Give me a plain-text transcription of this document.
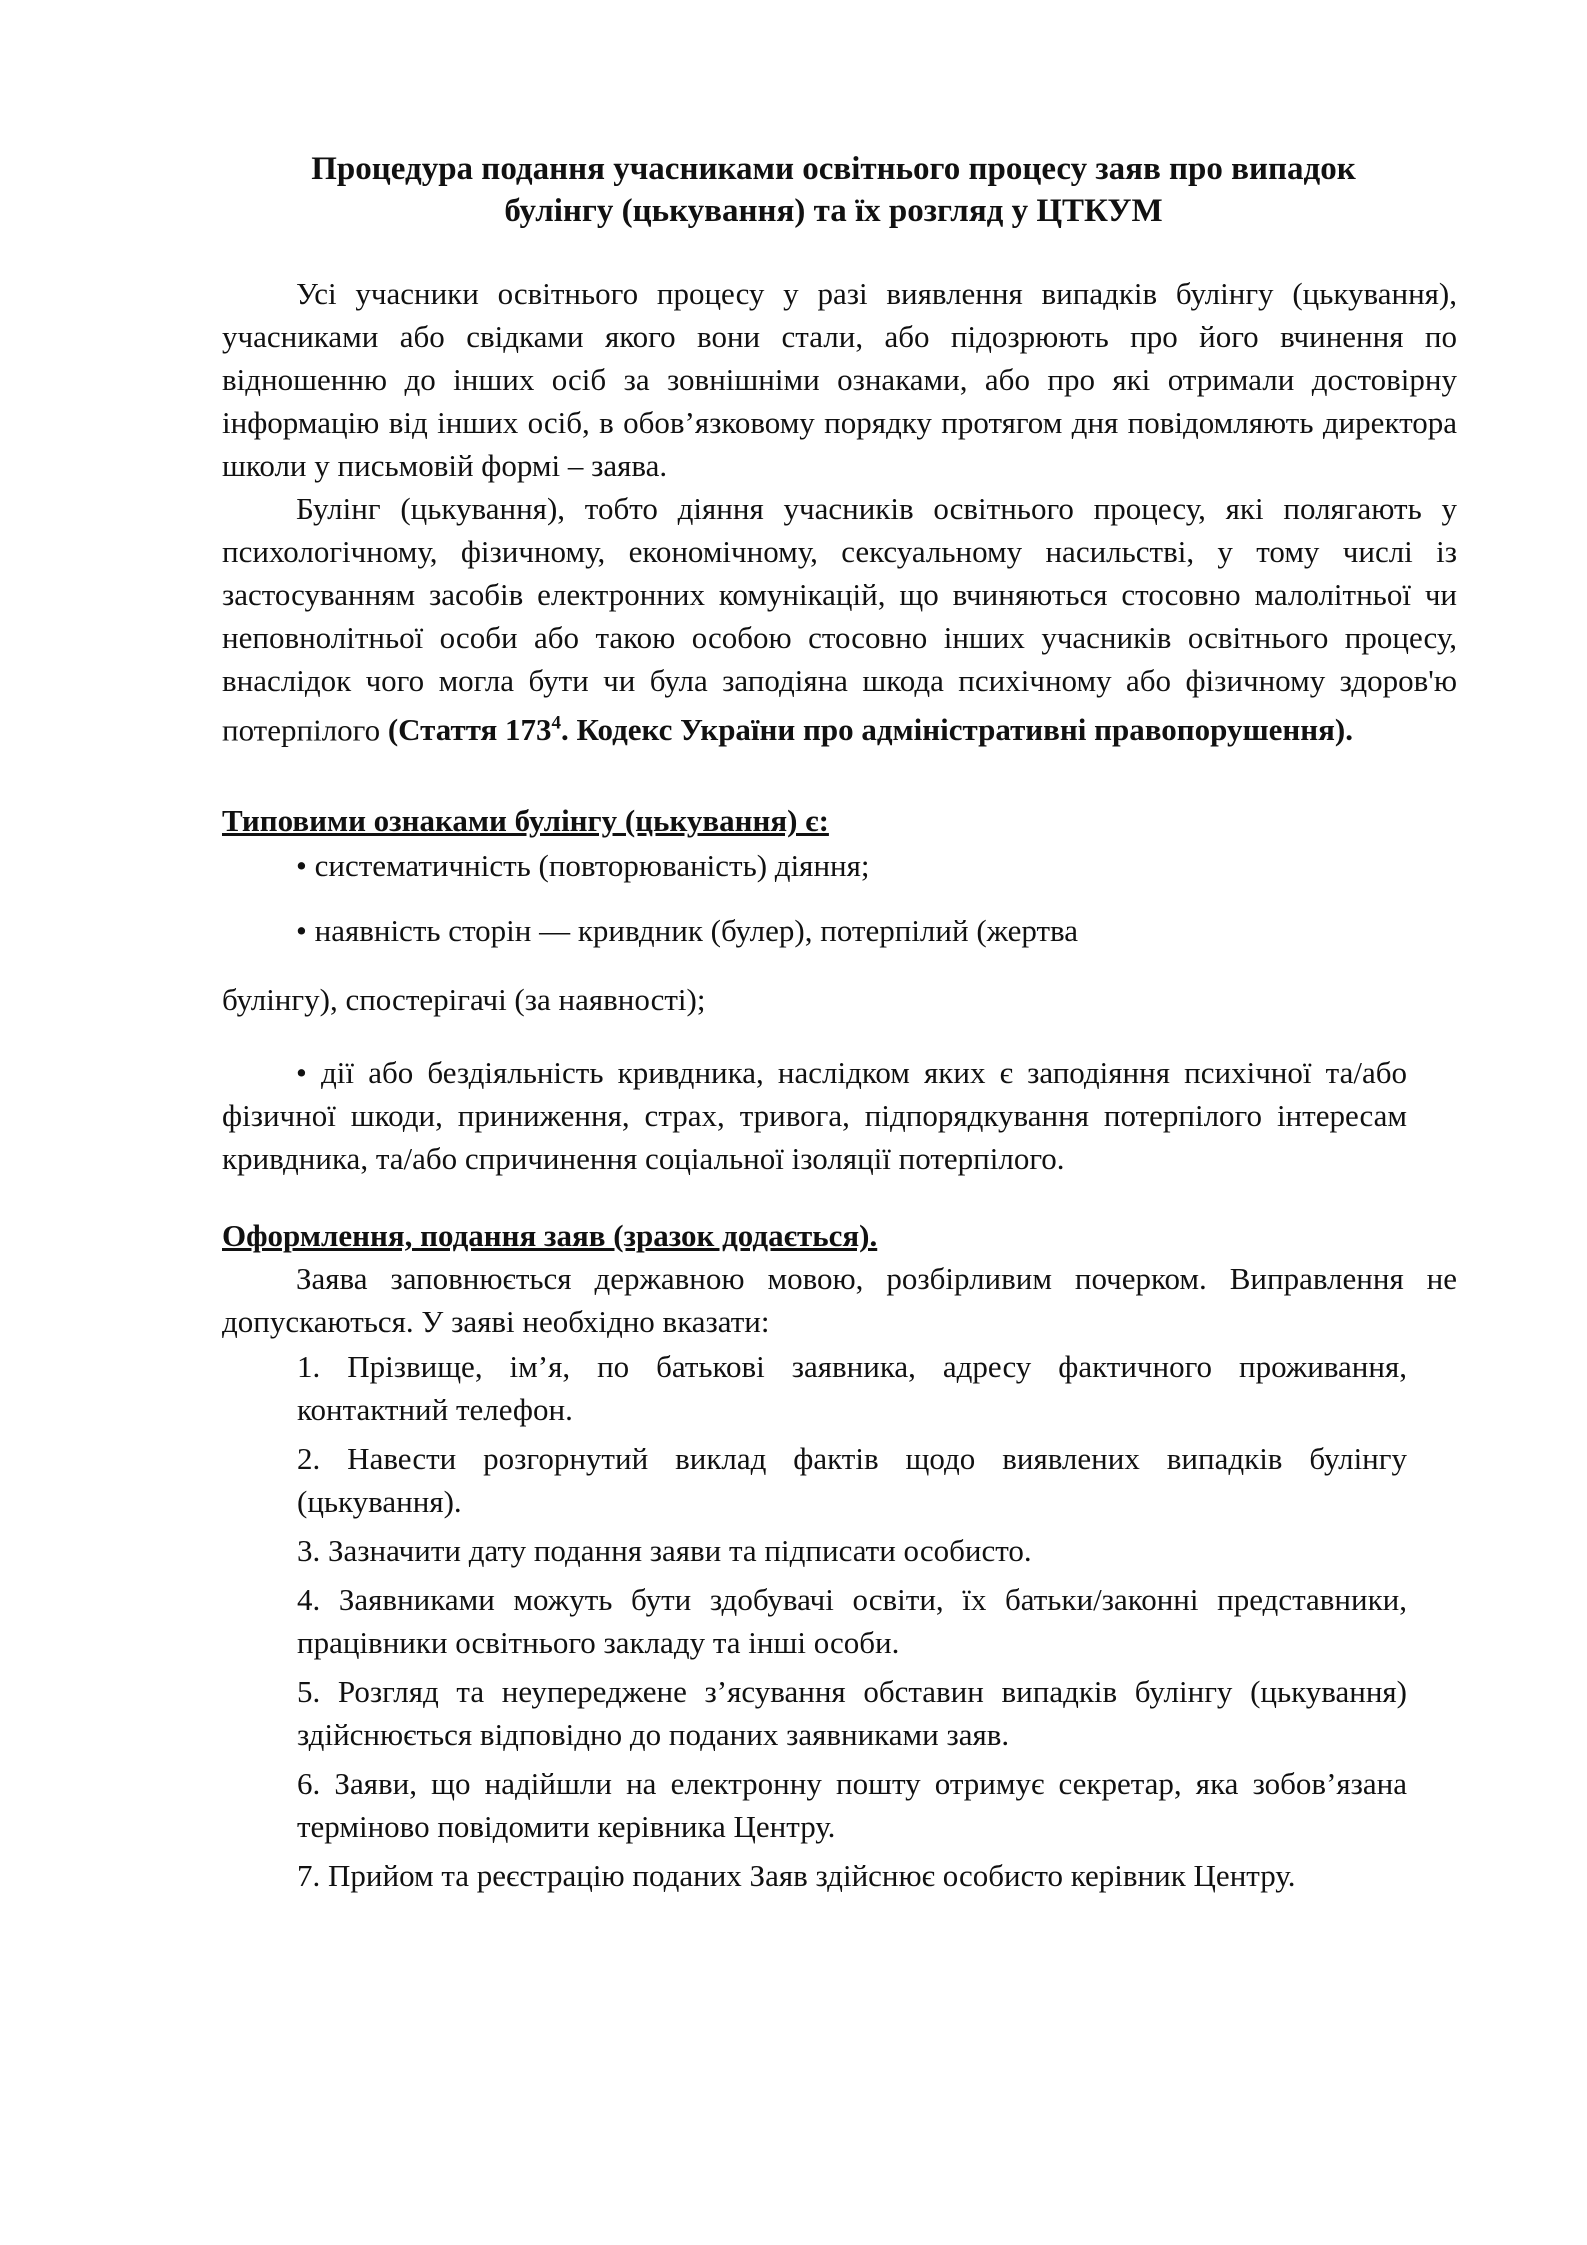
Процедура подання учасниками освітнього процесу заяв про випадок
булінгу (цькування) та їх розгляд у ЦТКУМ

Усі учасники освітнього процесу у разі виявлення випадків булінгу (цькування), учасниками або свідками якого вони стали, або підозрюють про його вчинення по відношенню до інших осіб за зовнішніми ознаками, або про які отримали достовірну інформацію від інших осіб, в обов’язковому порядку протягом дня повідомляють директора школи у письмовій формі – заява.

Булінг (цькування), тобто діяння учасників освітнього процесу, які полягають у психологічному, фізичному, економічному, сексуальному насильстві, у тому числі із застосуванням засобів електронних комунікацій, що вчиняються стосовно малолітньої чи неповнолітньої особи або такою особою стосовно інших учасників освітнього процесу, внаслідок чого могла бути чи була заподіяна шкода психічному або фізичному здоров'ю потерпілого (Стаття $173^4$. Кодекс України про адміністративні правопорушення).

Типовими ознаками булінгу (цькування) є:
• систематичність (повторюваність) діяння;
• наявність сторін — кривдник (булер), потерпілий (жертва
булінгу), спостерігачі (за наявності);
• дії або бездіяльність кривдника, наслідком яких є заподіяння психічної та/або фізичної шкоди, приниження, страх, тривога, підпорядкування потерпілого інтересам кривдника, та/або спричинення соціальної ізоляції потерпілого.
Оформлення, подання заяв (зразок додається).

Заява заповнюється державною мовою, розбірливим почерком. Виправлення не допускаються. У заяві необхідно вказати:

1. Прізвище, ім’я, по батькові заявника, адресу фактичного проживання, контактний телефон.
2. Навести розгорнутий виклад фактів щодо виявлених випадків булінгу (цькування).
3. Зазначити дату подання заяви та підписати особисто.
4. Заявниками можуть бути здобувачі освіти, їх батьки/законні представники, працівники освітнього закладу та інші особи.
5. Розгляд та неупереджене з’ясування обставин випадків булінгу (цькування) здійснюється відповідно до поданих заявниками заяв.
6. Заяви, що надійшли на електронну пошту отримує секретар, яка зобов’язана терміново повідомити керівника Центру.
7. Прийом та реєстрацію поданих Заяв здійснює особисто керівник Центру.
